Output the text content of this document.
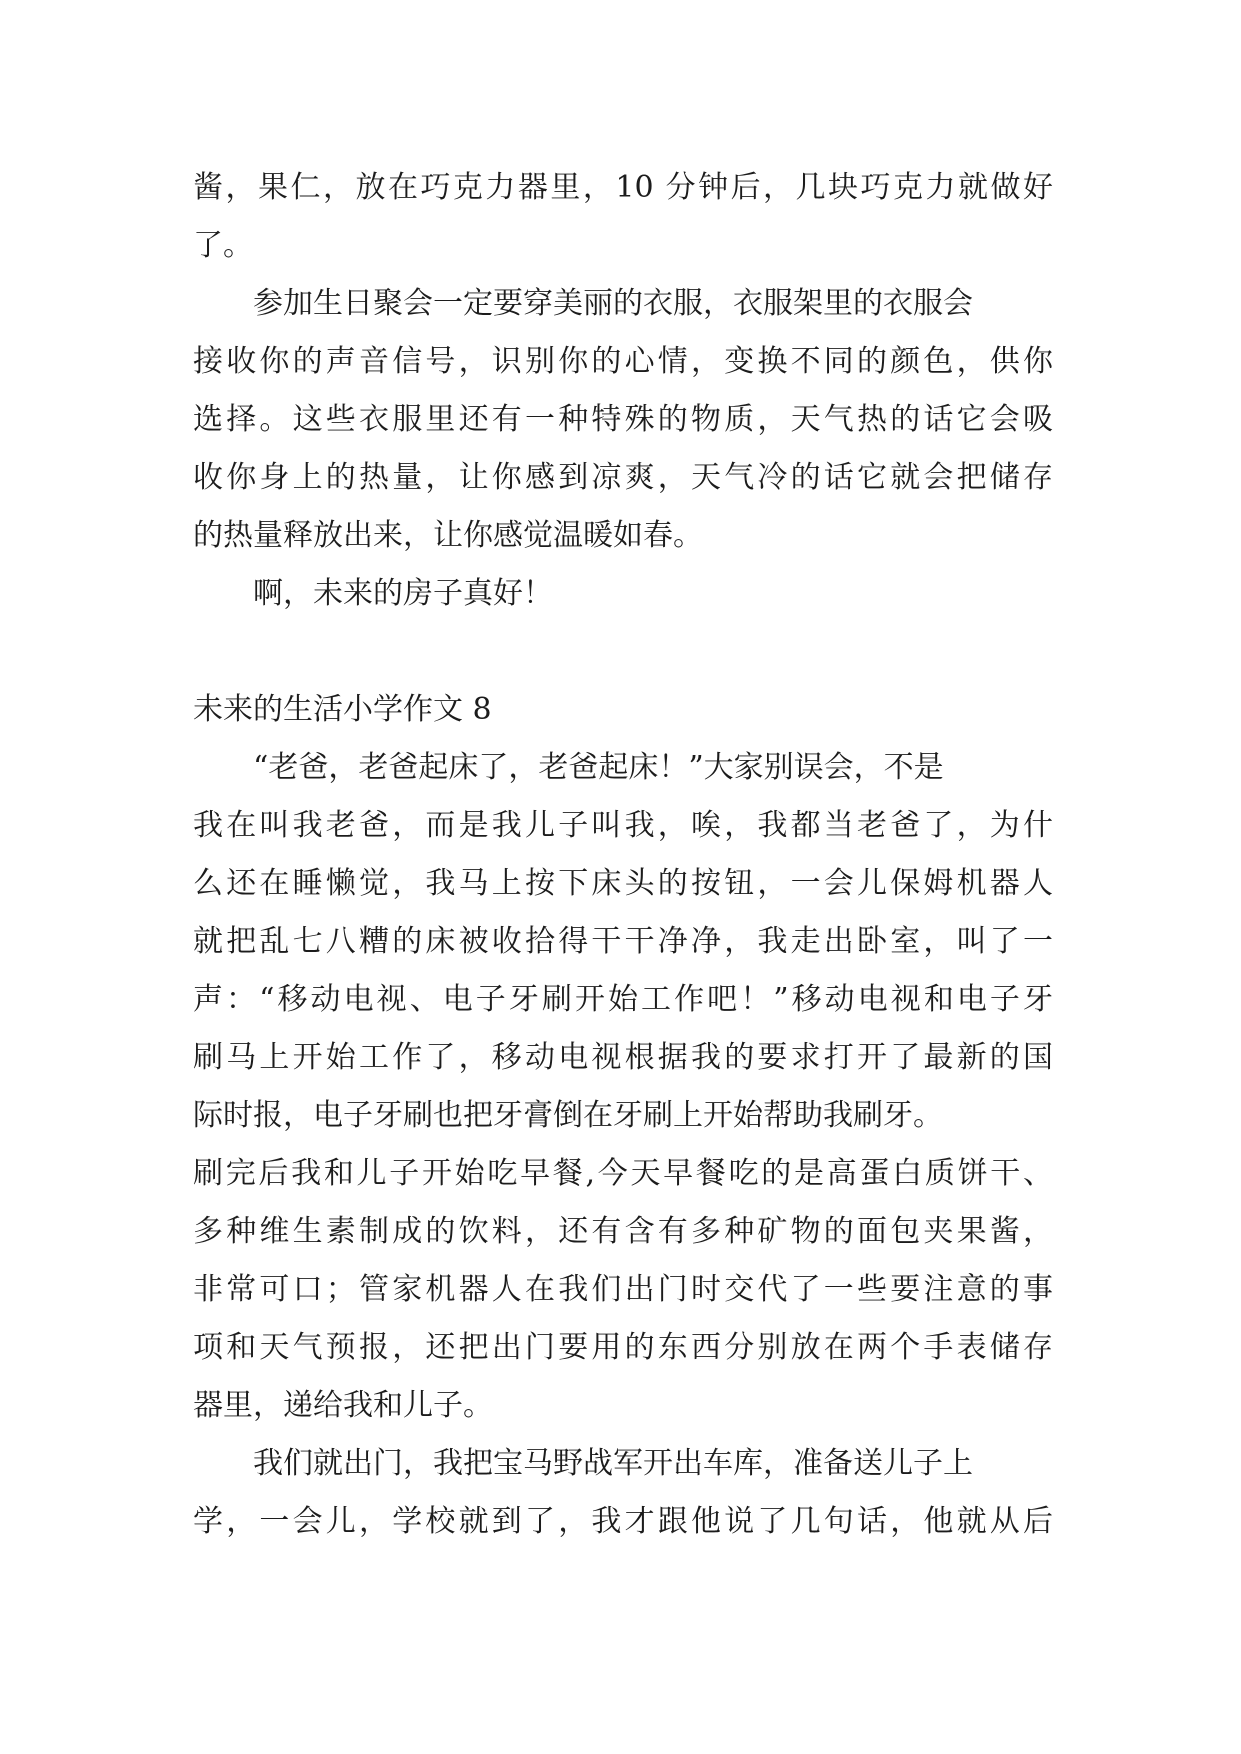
酱，果仁，放在巧克力器里，10 分钟后，几块巧克力就做好
了。
参加生日聚会一定要穿美丽的衣服，衣服架里的衣服会
接收你的声音信号，识别你的心情，变换不同的颜色，供你
选择。这些衣服里还有一种特殊的物质，天气热的话它会吸
收你身上的热量，让你感到凉爽，天气冷的话它就会把储存
的热量释放出来，让你感觉温暖如春。
啊，未来的房子真好！
未来的生活小学作文 8
“老爸，老爸起床了，老爸起床！”大家别误会，不是
我在叫我老爸，而是我儿子叫我，唉，我都当老爸了，为什
么还在睡懒觉，我马上按下床头的按钮，一会儿保姆机器人
就把乱七八糟的床被收拾得干干净净，我走出卧室，叫了一
声：“移动电视、电子牙刷开始工作吧！”移动电视和电子牙
刷马上开始工作了，移动电视根据我的要求打开了最新的国
际时报，电子牙刷也把牙膏倒在牙刷上开始帮助我刷牙。
刷完后我和儿子开始吃早餐,今天早餐吃的是高蛋白质饼干、
多种维生素制成的饮料，还有含有多种矿物的面包夹果酱，
非常可口；管家机器人在我们出门时交代了一些要注意的事
项和天气预报，还把出门要用的东西分别放在两个手表储存
器里，递给我和儿子。
我们就出门，我把宝马野战军开出车库，准备送儿子上
学，一会儿，学校就到了，我才跟他说了几句话，他就从后
